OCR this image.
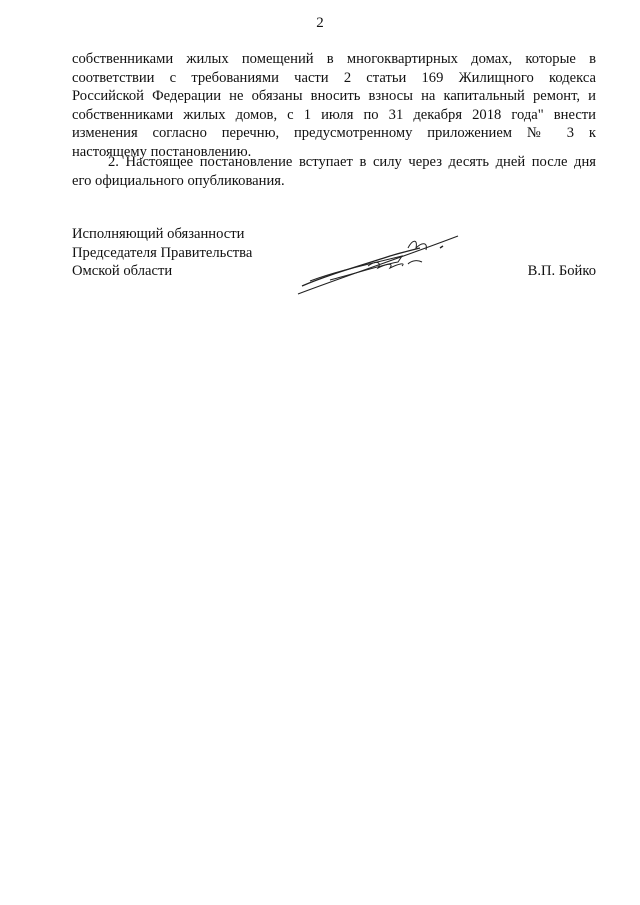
2
собственниками жилых помещений в многоквартирных домах, которые в
соответствии с требованиями части 2 статьи 169 Жилищного кодекса
Российской Федерации не обязаны вносить взносы на капитальный ремонт, и
собственниками жилых домов, с 1 июля по 31 декабря 2018 года" внести
изменения согласно перечню, предусмотренному приложением № 3 к
настоящему постановлению.
2. Настоящее постановление вступает в силу через десять дней после дня
его официального опубликования.
Исполняющий обязанности
Председателя Правительства
Омской области	В.П. Бойко
